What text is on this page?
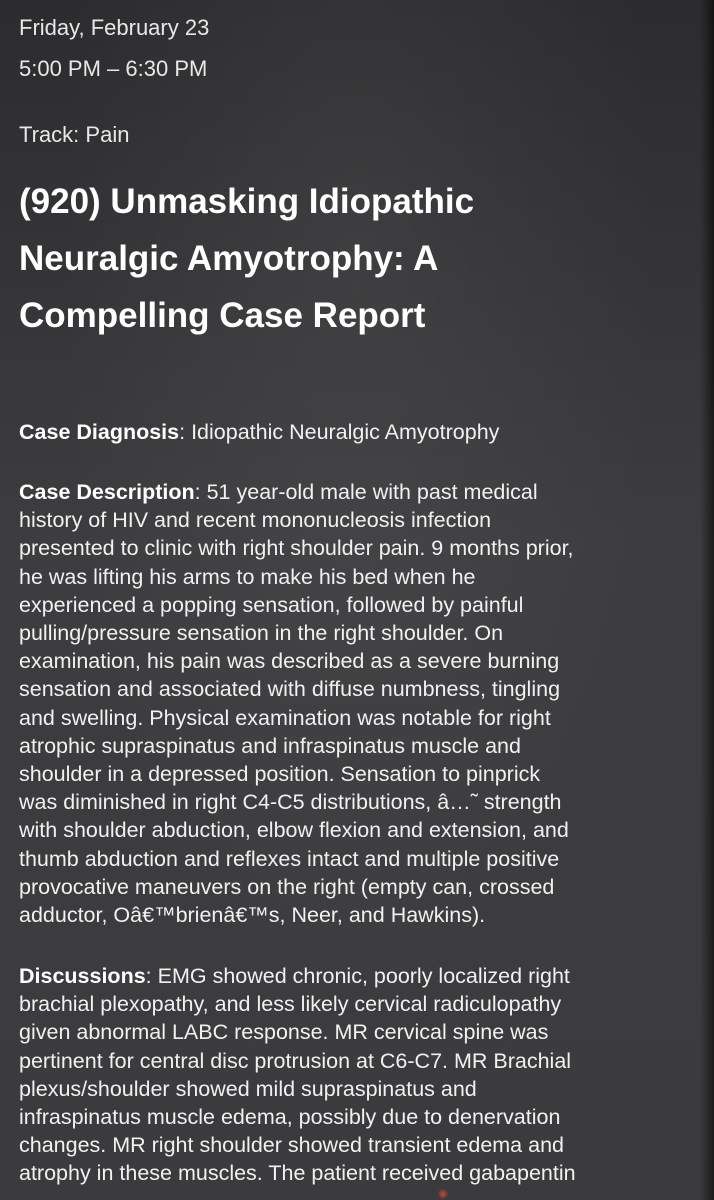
Friday, February 23
5:00 PM – 6:30 PM
Track: Pain
(920) Unmasking Idiopathic
Neuralgic Amyotrophy: A
Compelling Case Report
Case Diagnosis: Idiopathic Neuralgic Amyotrophy
Case Description: 51 year-old male with past medical
history of HIV and recent mononucleosis infection
presented to clinic with right shoulder pain. 9 months prior,
he was lifting his arms to make his bed when he
experienced a popping sensation, followed by painful
pulling/pressure sensation in the right shoulder. On
examination, his pain was described as a severe burning
sensation and associated with diffuse numbness, tingling
and swelling. Physical examination was notable for right
atrophic supraspinatus and infraspinatus muscle and
shoulder in a depressed position. Sensation to pinprick
was diminished in right C4-C5 distributions, â…˜ strength
with shoulder abduction, elbow flexion and extension, and
thumb abduction and reflexes intact and multiple positive
provocative maneuvers on the right (empty can, crossed
adductor, Oâ€™brienâ€™s, Neer, and Hawkins).
Discussions: EMG showed chronic, poorly localized right
brachial plexopathy, and less likely cervical radiculopathy
given abnormal LABC response. MR cervical spine was
pertinent for central disc protrusion at C6-C7. MR Brachial
plexus/shoulder showed mild supraspinatus and
infraspinatus muscle edema, possibly due to denervation
changes. MR right shoulder showed transient edema and
atrophy in these muscles. The patient received gabapentin
